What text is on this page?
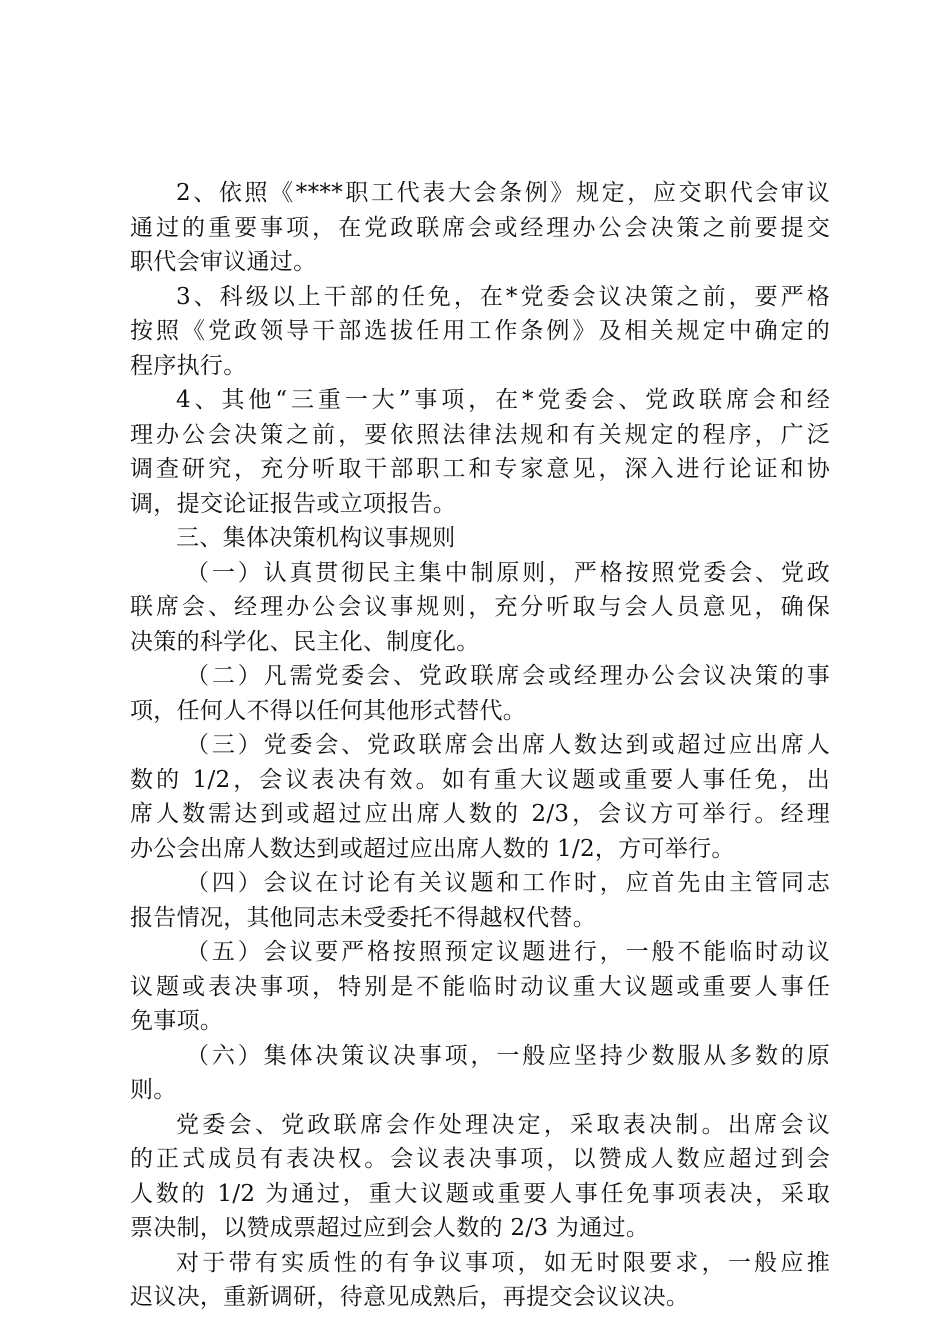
2、依照《****职工代表大会条例》规定，应交职代会审议
通过的重要事项，在党政联席会或经理办公会决策之前要提交
职代会审议通过。
3、科级以上干部的任免，在*党委会议决策之前，要严格
按照《党政领导干部选拔任用工作条例》及相关规定中确定的
程序执行。
4、其他“三重一大”事项，在*党委会、党政联席会和经
理办公会决策之前，要依照法律法规和有关规定的程序，广泛
调查研究，充分听取干部职工和专家意见，深入进行论证和协
调，提交论证报告或立项报告。
三、集体决策机构议事规则
（一）认真贯彻民主集中制原则，严格按照党委会、党政
联席会、经理办公会议事规则，充分听取与会人员意见，确保
决策的科学化、民主化、制度化。
（二）凡需党委会、党政联席会或经理办公会议决策的事
项，任何人不得以任何其他形式替代。
（三）党委会、党政联席会出席人数达到或超过应出席人
数的 1/2，会议表决有效。如有重大议题或重要人事任免，出
席人数需达到或超过应出席人数的 2/3，会议方可举行。经理
办公会出席人数达到或超过应出席人数的 1/2，方可举行。
（四）会议在讨论有关议题和工作时，应首先由主管同志
报告情况，其他同志未受委托不得越权代替。
（五）会议要严格按照预定议题进行，一般不能临时动议
议题或表决事项，特别是不能临时动议重大议题或重要人事任
免事项。
（六）集体决策议决事项，一般应坚持少数服从多数的原
则。
党委会、党政联席会作处理决定，采取表决制。出席会议
的正式成员有表决权。会议表决事项，以赞成人数应超过到会
人数的 1/2 为通过，重大议题或重要人事任免事项表决，采取
票决制，以赞成票超过应到会人数的 2/3 为通过。
对于带有实质性的有争议事项，如无时限要求，一般应推
迟议决，重新调研，待意见成熟后，再提交会议议决。
